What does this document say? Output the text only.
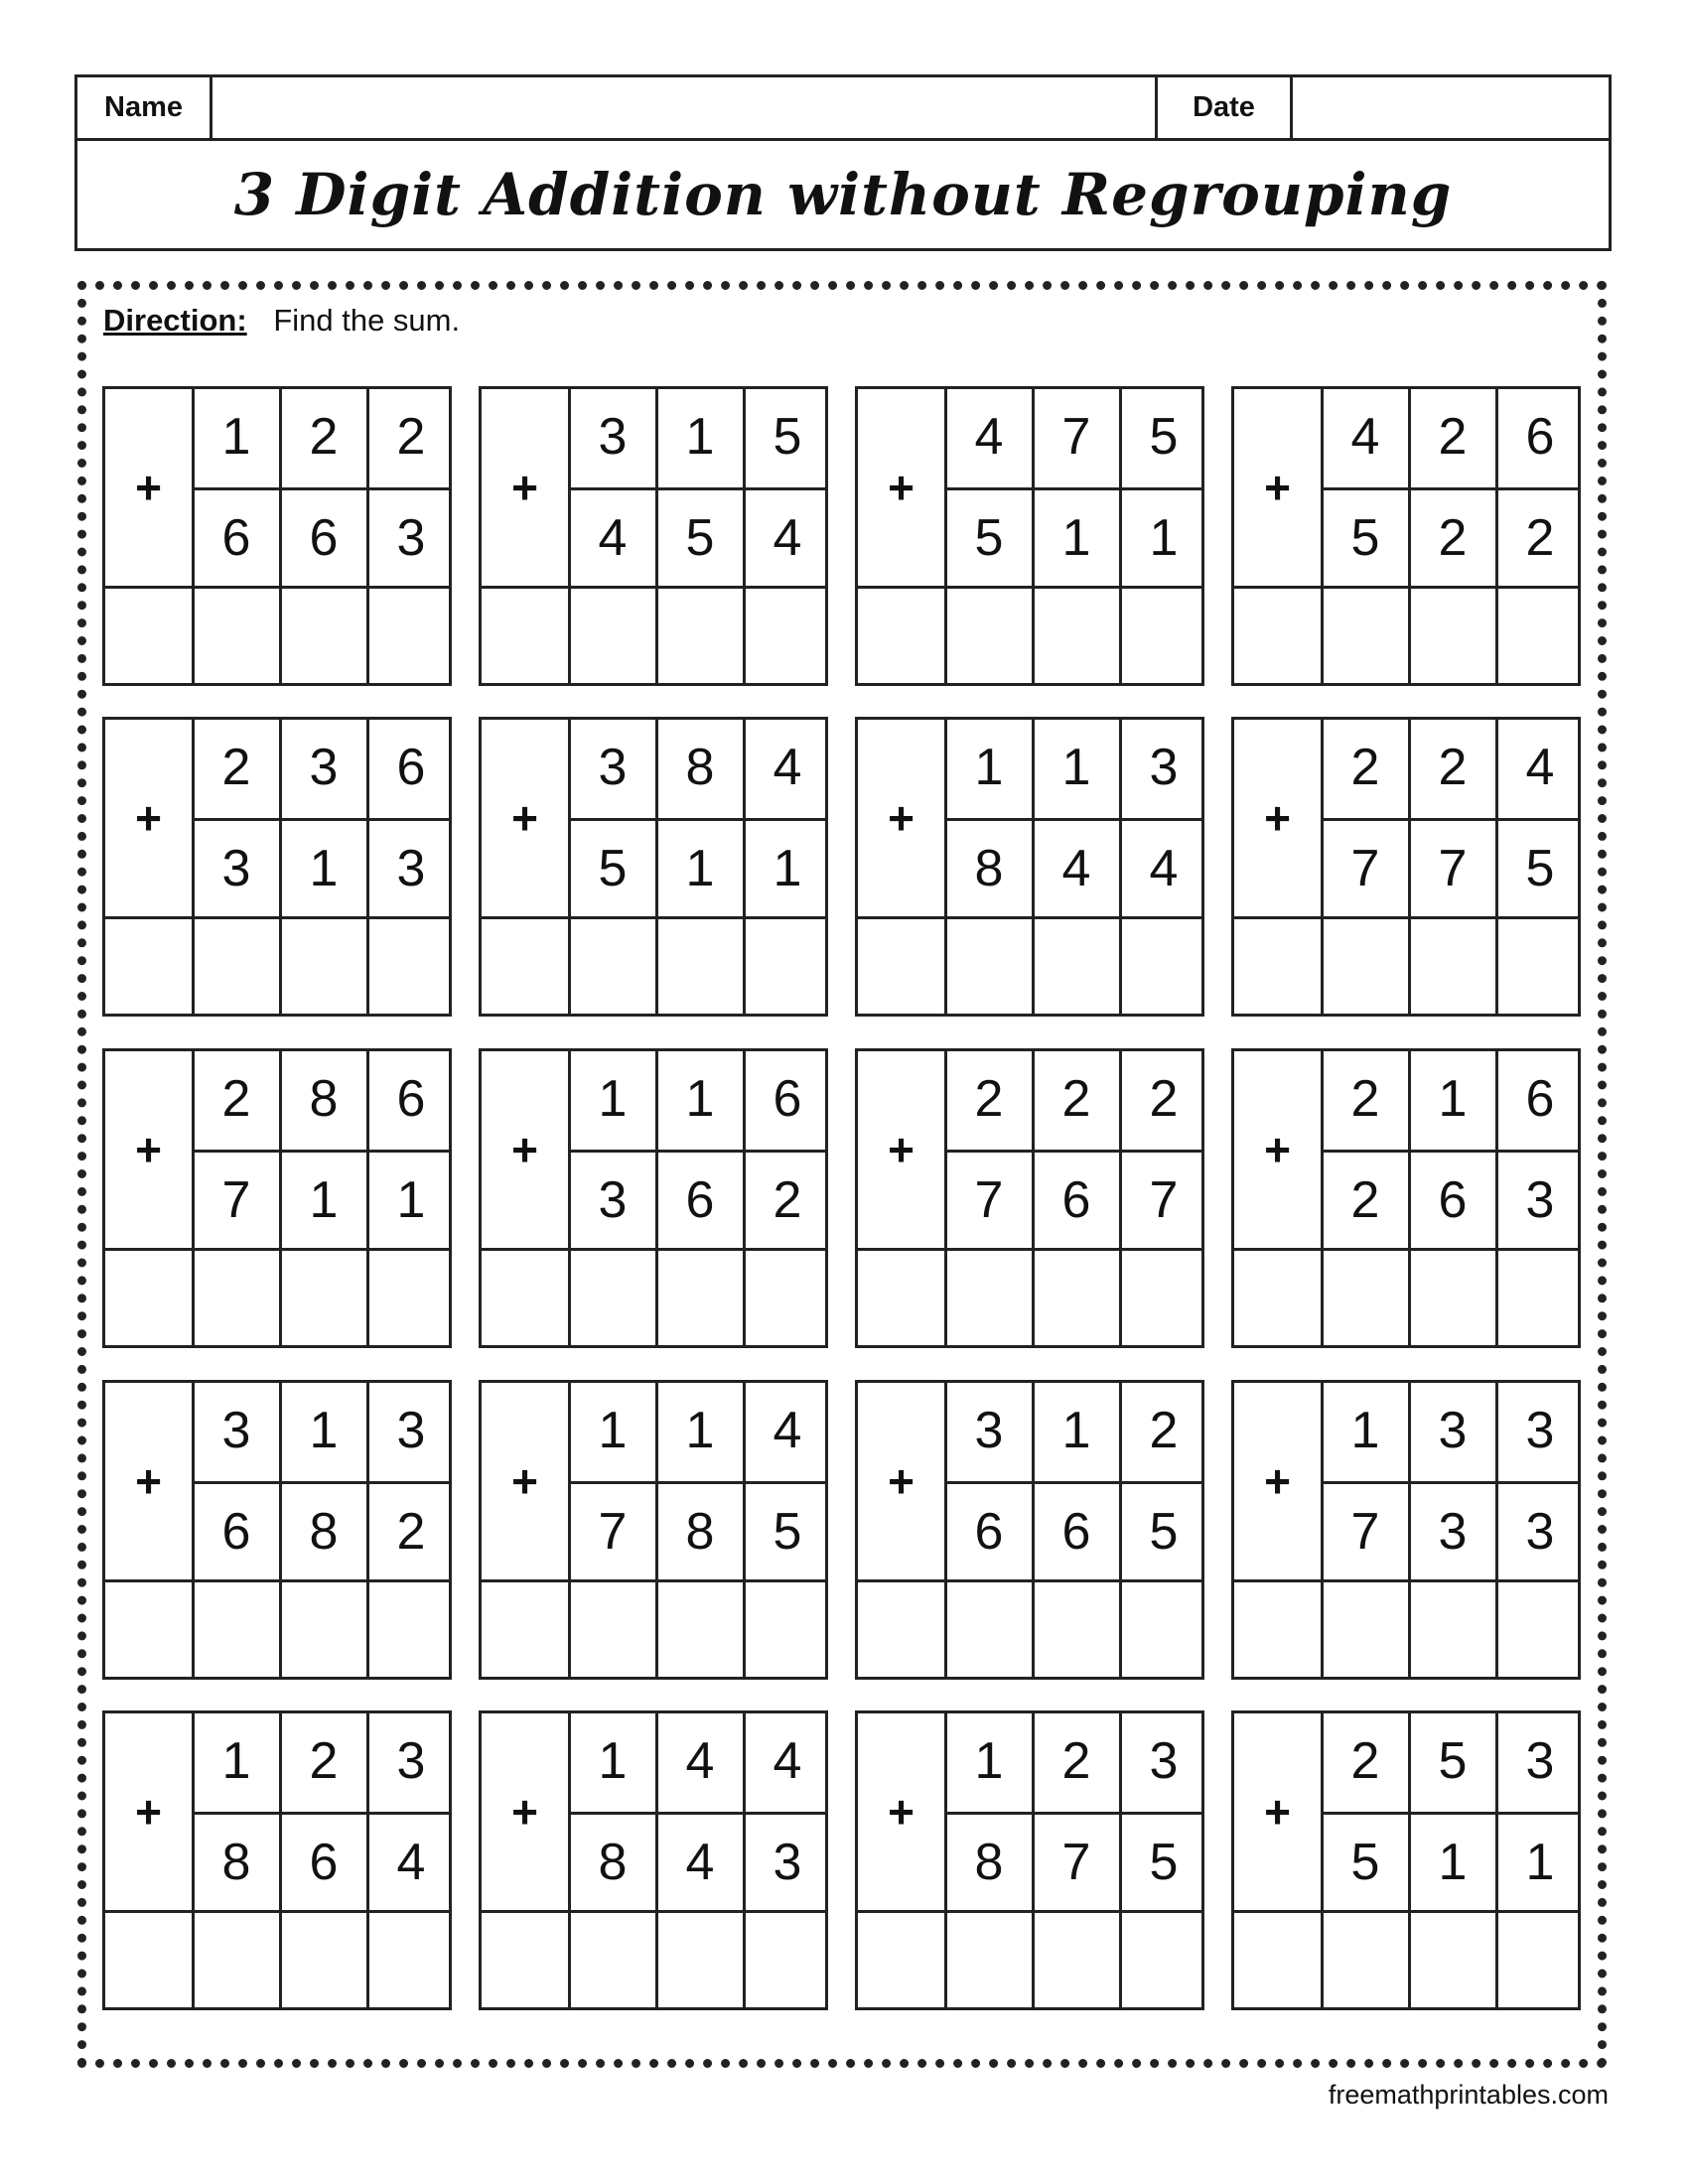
Name	Date
3 Digit Addition without Regrouping
Direction: Find the sum.
+
1	2	2
6	6	3
+
3	1	5
4	5	4
+
4	7	5
5	1	1
+
4	2	6
5	2	2
+
2	3	6
3	1	3
+
3	8	4
5	1	1
+
1	1	3
8	4	4
+
2	2	4
7	7	5
+
2	8	6
7	1	1
+
1	1	6
3	6	2
+
2	2	2
7	6	7
+
2	1	6
2	6	3
+
3	1	3
6	8	2
+
1	1	4
7	8	5
+
3	1	2
6	6	5
+
1	3	3
7	3	3
+
1	2	3
8	6	4
+
1	4	4
8	4	3
+
1	2	3
8	7	5
+
2	5	3
5	1	1
freemathprintables.com
